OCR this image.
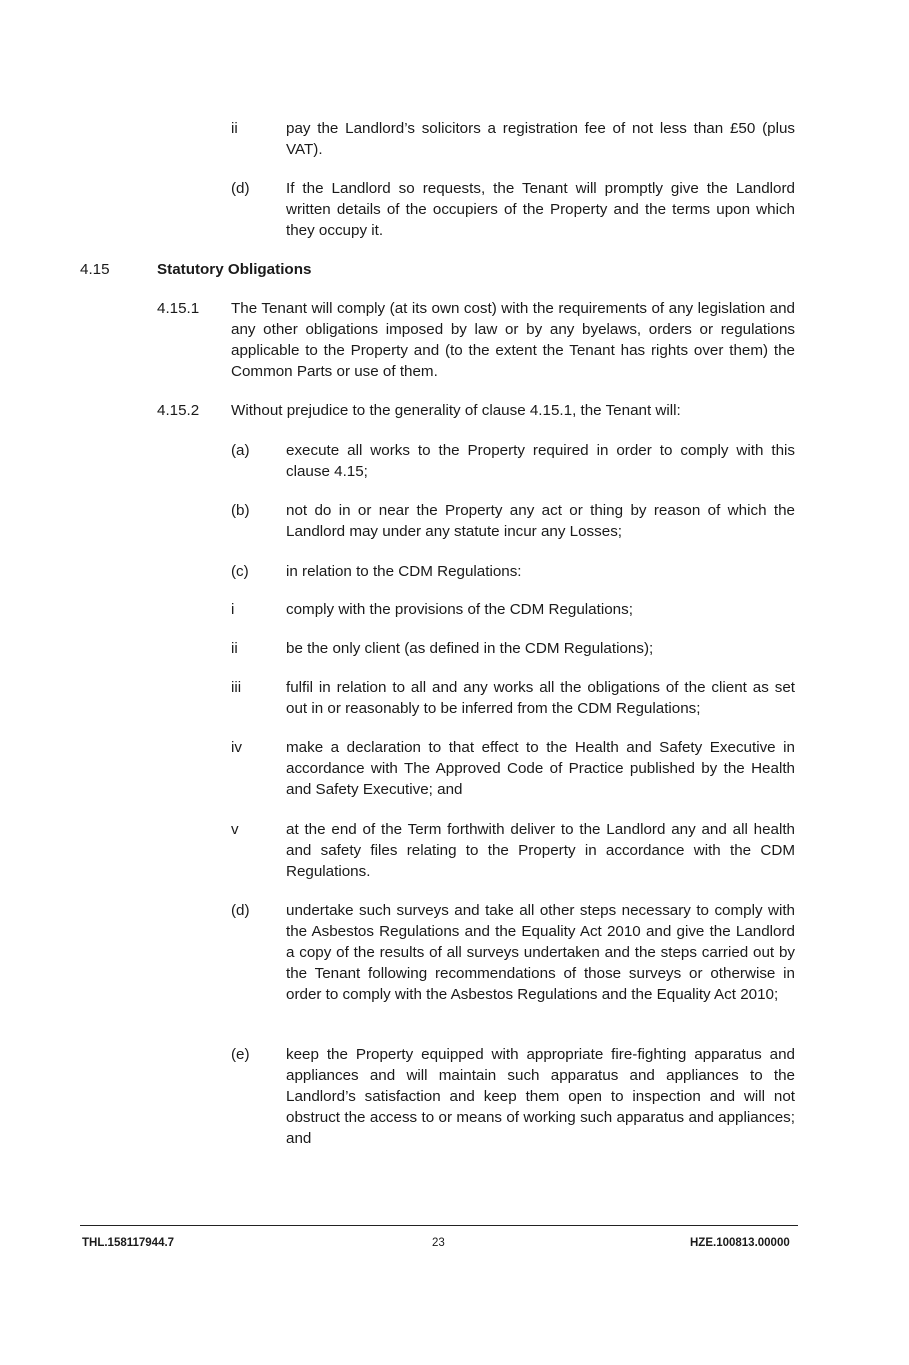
ii	pay the Landlord’s solicitors a registration fee of not less than £50 (plus VAT).

(d) If the Landlord so requests, the Tenant will promptly give the Landlord written details of the occupiers of the Property and the terms upon which they occupy it.

4.15	Statutory Obligations
4.15.1 The Tenant will comply (at its own cost) with the requirements of any legislation and any other obligations imposed by law or by any byelaws, orders or regulations applicable to the Property and (to the extent the Tenant has rights over them) the Common Parts or use of them.

4.15.2 Without prejudice to the generality of clause 4.15.1, the Tenant will:

(a) execute all works to the Property required in order to comply with this clause 4.15;

(b) not do in or near the Property any act or thing by reason of which the Landlord may under any statute incur any Losses;

(c) in relation to the CDM Regulations:

i	comply with the provisions of the CDM Regulations;

ii	be the only client (as defined in the CDM Regulations);

iii	fulfil in relation to all and any works all the obligations of the client as set out in or reasonably to be inferred from the CDM Regulations;

iv	make a declaration to that effect to the Health and Safety Executive in accordance with The Approved Code of Practice published by the Health and Safety Executive; and

v	at the end of the Term forthwith deliver to the Landlord any and all health and safety files relating to the Property in accordance with the CDM Regulations.

(d) undertake such surveys and take all other steps necessary to comply with the Asbestos Regulations and the Equality Act 2010 and give the Landlord a copy of the results of all surveys undertaken and the steps carried out by the Tenant following recommendations of those surveys or otherwise in order to comply with the Asbestos Regulations and the Equality Act 2010;

(e) keep the Property equipped with appropriate fire-fighting apparatus and appliances and will maintain such apparatus and appliances to the Landlord’s satisfaction and keep them open to inspection and will not obstruct the access to or means of working such apparatus and appliances; and

THL.158117944.7	23	HZE.100813.00000
